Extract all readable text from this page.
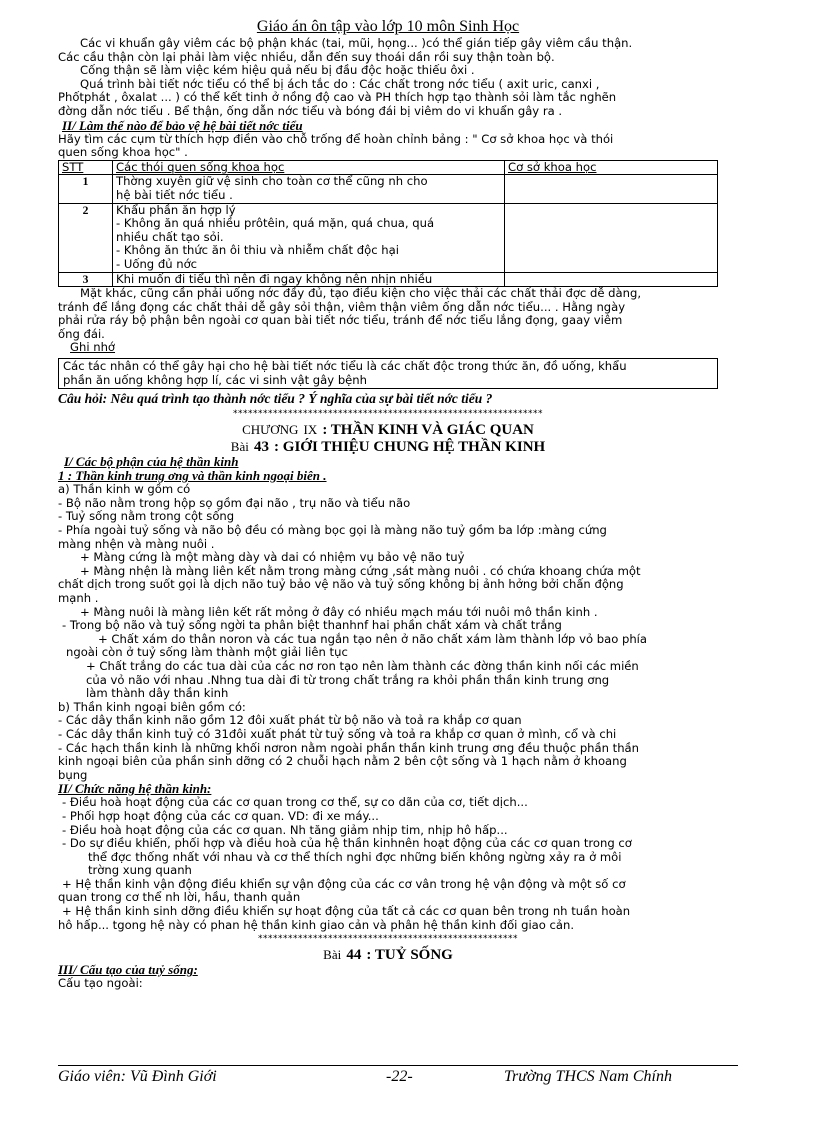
Giáo án ôn tập vào lớp 10 môn Sinh Học

Các vi khuẩn gây viêm các bộ phận khác (tai, mũi, họng... )có thể gián tiếp gây viêm cầu thận.

Các cầu thận còn lại phải làm việc nhiều, dẫn đến suy thoái dần rồi suy thận toàn bộ.

Cống thận sẽ làm việc kém hiệu quả nếu bị đầu độc hoặc thiếu ôxi .

Quá trình bài tiết nớc tiểu có thể bị ách tắc do : Các chất trong nớc tiểu ( axit uric, canxi ,

Phốtphát , ôxalat ... ) có thể kết tinh ở nồng độ cao và PH thích hợp tạo thành sỏi làm tắc nghẽn

đờng dẫn nớc tiểu . Bể thận, ống dẫn nớc tiểu và bóng đái bị viêm do vi khuẩn gây ra .

II/ Làm thế nào để bảo vệ hệ bài tiết nớc tiểu

Hãy tìm các cụm từ thích hợp điền vào chỗ trống để hoàn chỉnh bảng : " Cơ sở khoa học và thói

quen sống khoa học" .

STT	Các thói quen sống khoa học	Cơ sở khoa học
1	Thờng xuyên giữ vệ sinh cho toàn cơ thể cũng nh cho
hệ bài tiết nớc tiểu .	

2	Khẩu phần ăn hợp lý
- Không ăn quá nhiều prôtêin, quá mặn, quá chua, quá
nhiều chất tạo sỏi.
- Không ăn thức ăn ôi thiu và nhiễm chất độc hại
- Uống đủ nớc	

3	Khi muốn đi tiểu thì nên đi ngay không nên nhịn nhiều	

Mặt khác, cũng cần phải uống nớc đầy đủ, tạo điều kiện cho việc thải các chất thải đợc dễ dàng,

tránh để lắng đọng các chất thải dễ gây sỏi thận, viêm thận viêm ống dẫn nớc tiểu... . Hằng ngày

phải rửa ráy bộ phận bên ngoài cơ quan bài tiết nớc tiểu, tránh để nớc tiểu lắng đọng, gaay viêm

ống đái.

Ghi nhớ

Các tác nhân có thể gây hại cho hệ bài tiết nớc tiểu là các chất độc trong thức ăn, đồ uống, khẩu

phần ăn uống không hợp lí, các vi sinh vật gây bệnh

Câu hỏi: Nêu quá trình tạo thành nớc tiểu ? Ý nghĩa của sự bài tiết nớc tiểu ?

**************************************************************
CHƯƠNG IX : THẦN KINH VÀ GIÁC QUAN
Bài 43 : GIỚI THIỆU CHUNG HỆ THẦN KINH

I/ Các bộ phận của hệ thần kinh

1 : Thần kinh trung ơng và thần kinh ngoại biên .

a) Thần kinh w gồm có

- Bộ não nằm trong hộp sọ gồm đại não , trụ não và tiểu não

- Tuỷ sống nằm trong cột sống

- Phía ngoài tuỷ sống và não bộ đều có màng bọc gọi là màng não tuỷ gồm ba lớp :màng cứng

màng nhện và màng nuôi .

+ Màng cứng là một màng dày và dai có nhiệm vụ bảo vệ não tuỷ

+ Màng nhện là màng liên kết nằm trong màng cứng ,sát màng nuôi . có chứa khoang chứa một

chất dịch trong suốt gọi là dịch não tuỷ bảo vệ não và tuỷ sống không bị ảnh hởng bởi chấn động

mạnh .

+ Màng nuôi là màng liên kết rất mỏng ở đây có nhiều mạch máu tới nuôi mô thần kinh .

- Trong bộ não và tuỷ sống ngời ta phân biệt thanhnf hai phần chất xám và chất trắng

+ Chất xám do thân noron và các tua ngắn tạo nên ở não chất xám làm thành lớp vỏ bao phía

ngoài còn ở tuỷ sống làm thành một giải liên tục

+ Chất trắng do các tua dài của các nơ ron tạo nên làm thành các đờng thần kinh nối các miền

của vỏ não với nhau .Nhng tua dài đi từ trong chất trắng ra khỏi phần thần kinh trung ơng

làm thành dây thần kinh

b) Thần kinh ngoại biên gồm có:

- Các dây thần kinh não gồm 12 đôi xuất phát từ bộ não và toả ra khắp cơ quan

- Các dây thần kinh tuỷ có 31đôi xuất phát từ tuỷ sống và toả ra khắp cơ quan ở mình, cổ và chi

- Các hạch thần kinh là những khối nơron nằm ngoài phần thần kinh trung ơng đều thuộc phần thần

kinh ngoại biên của phần sinh dỡng có 2 chuỗi hạch nằm 2 bên cột sống và 1 hạch nằm ở khoang

bụng

II/ Chức năng hệ thần kinh:

- Điều hoà hoạt động của các cơ quan trong cơ thể, sự co dãn của cơ, tiết dịch...

- Phối hợp hoạt động của các cơ quan. VD: đi xe máy...

- Điều hoà hoạt động của các cơ quan. Nh tăng giảm nhịp tim, nhịp hô hấp...

- Do sự điều khiển, phối hợp và điều hoà của hệ thần kinhnên hoạt động của các cơ quan trong cơ

thể đợc thống nhất với nhau và cơ thể thích nghi đợc những biến không ngừng xảy ra ở môi

trờng xung quanh

+ Hệ thần kinh vận động điều khiển sự vận động của các cơ vân trong hệ vận động và một số cơ

quan trong cơ thể nh lời, hầu, thanh quản

+ Hệ thần kinh sinh dỡng điều khiển sự hoạt động của tất cả các cơ quan bên trong nh tuần hoàn

hô hấp... tgong hệ này có phan hệ thần kinh giao cản và phân hệ thần kinh đối giao cản.

****************************************************
Bài 44 : TUỶ SỐNG

III/ Cấu tạo của tuỷ sống:

Cấu tạo ngoài:

Giáo viên: Vũ Đình Giới	-22-	Trường THCS Nam Chính
